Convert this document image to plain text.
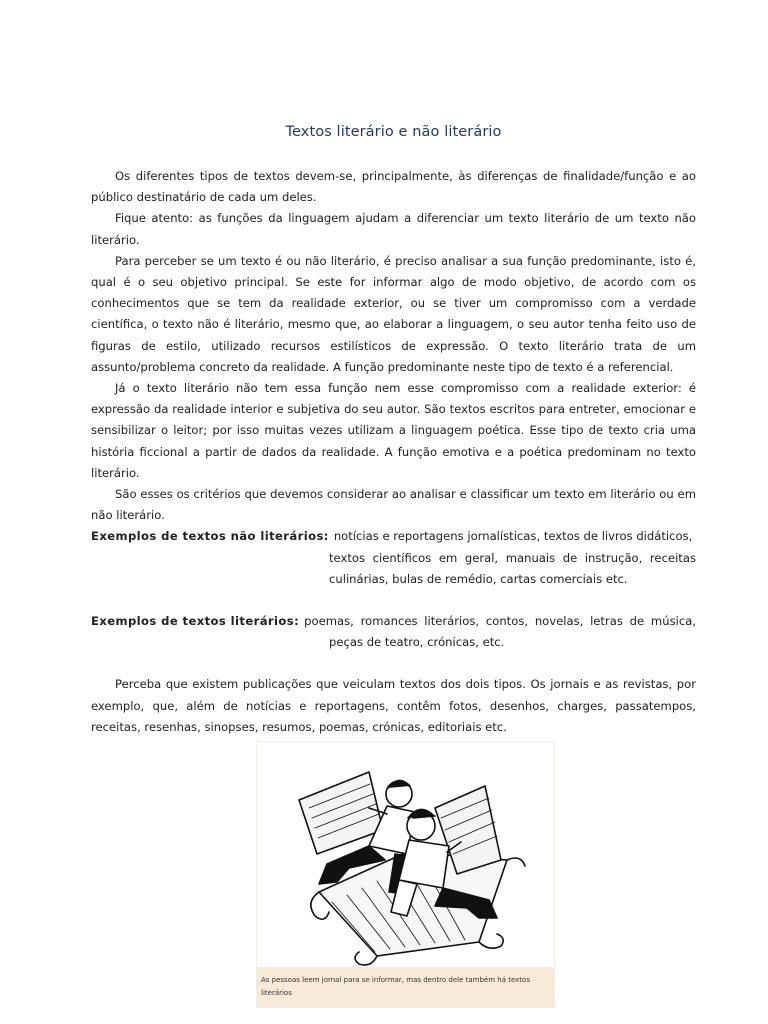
Textos literário e não literário

Os diferentes tipos de textos devem-se, principalmente, às diferenças de finalidade/função e ao público destinatário de cada um deles.

Fique atento: as funções da linguagem ajudam a diferenciar um texto literário de um texto não literário.

Para perceber se um texto é ou não literário, é preciso analisar a sua função predominante, isto é, qual é o seu objetivo principal. Se este for informar algo de modo objetivo, de acordo com os conhecimentos que se tem da realidade exterior, ou se tiver um compromisso com a verdade científica, o texto não é literário, mesmo que, ao elaborar a linguagem, o seu autor tenha feito uso de figuras de estilo, utilizado recursos estilísticos de expressão. O texto literário trata de um assunto/problema concreto da realidade. A função predominante neste tipo de texto é a referencial.

Já o texto literário não tem essa função nem esse compromisso com a realidade exterior: é expressão da realidade interior e subjetiva do seu autor. São textos escritos para entreter, emocionar e sensibilizar o leitor; por isso muitas vezes utilizam a linguagem poética. Esse tipo de texto cria uma história ficcional a partir de dados da realidade. A função emotiva e a poética predominam no texto literário.

São esses os critérios que devemos considerar ao analisar e classificar um texto em literário ou em não literário.

Exemplos de textos não literários: notícias e reportagens jornalísticas, textos de livros didáticos,
textos científicos em geral, manuais de instrução, receitas
culinárias, bulas de remédio, cartas comerciais etc.
Exemplos de textos literários: poemas, romances literários, contos, novelas, letras de música,
peças de teatro, crónicas, etc.

Perceba que existem publicações que veiculam textos dos dois tipos. Os jornais e as revistas, por exemplo, que, além de notícias e reportagens, contêm fotos, desenhos, charges, passatempos, receitas, resenhas, sinopses, resumos, poemas, crónicas, editoriais etc.

As pessoas leem jornal para se informar, mas dentro dele também há textos
literários
